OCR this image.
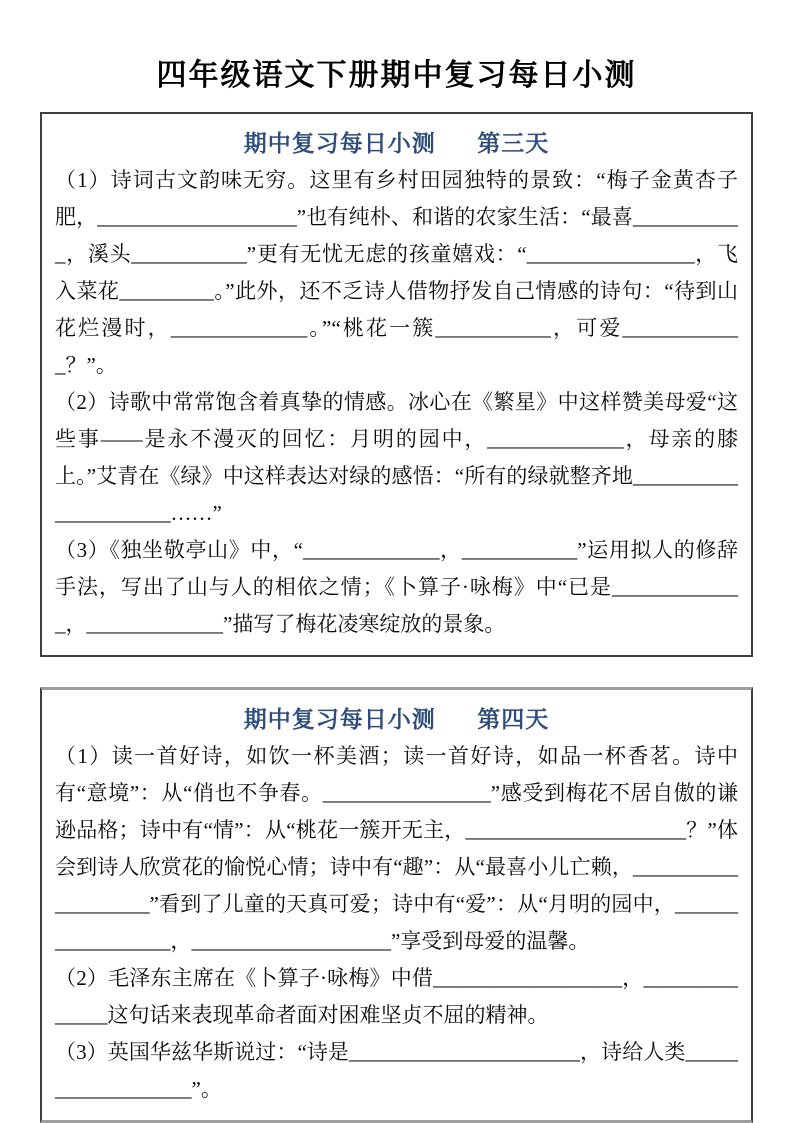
四年级语文下册期中复习每日小测
期中复习每日小测 第三天

（1）诗词古文韵味无穷。这里有乡村田园独特的景致：“梅子金黄杏子肥，___________________”也有纯朴、和谐的农家生活：“最喜___________，溪头___________”更有无忧无虑的孩童嬉戏：“________________，飞入菜花_________。”此外，还不乏诗人借物抒发自己情感的诗句：“待到山花烂漫时，_____________。”“桃花一簇___________，可爱____________？”。

（2）诗歌中常常饱含着真挚的情感。冰心在《繁星》中这样赞美母爱“这些事——是永不漫灭的回忆：月明的园中，_____________，母亲的膝上。”艾青在《绿》中这样表达对绿的感悟：“所有的绿就整齐地_____________________……”

（3）《独坐敬亭山》中，“_____________，___________”运用拟人的修辞手法，写出了山与人的相依之情；《卜算子·咏梅》中“已是_____________，_____________”描写了梅花凌寒绽放的景象。

期中复习每日小测 第四天

（1）读一首好诗，如饮一杯美酒；读一首好诗，如品一杯香茗。诗中有“意境”：从“俏也不争春。________________”感受到梅花不居自傲的谦逊品格；诗中有“情”：从“桃花一簇开无主，_____________________？”体会到诗人欣赏花的愉悦心情；诗中有“趣”：从“最喜小儿亡赖，___________________”看到了儿童的天真可爱；诗中有“爱”：从“月明的园中，_________________，___________________”享受到母爱的温馨。

（2）毛泽东主席在《卜算子·咏梅》中借__________________，______________这句话来表现革命者面对困难坚贞不屈的精神。

（3）英国华兹华斯说过：“诗是______________________，诗给人类__________________”。
